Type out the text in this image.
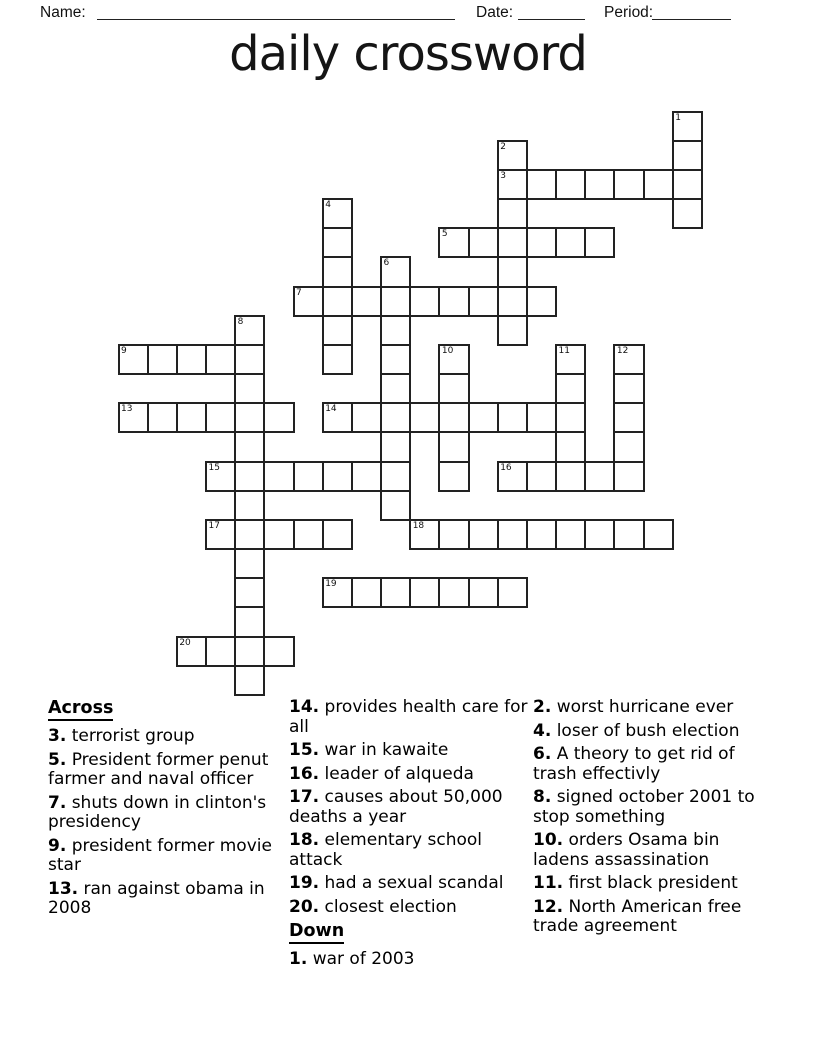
Name:	Date:	Period:
daily crossword
3
5
7
9
13	14
15	16
17	18
19
20
1
2
4
6
8
10	11	12
Across

3. terrorist group

5. President former penut farmer and naval officer

7. shuts down in clinton's presidency

9. president former movie star

13. ran against obama in 2008

14. provides health care for all

15. war in kawaite

16. leader of alqueda

17. causes about 50,000 deaths a year

18. elementary school attack

19. had a sexual scandal

20. closest election

Down

1. war of 2003

2. worst hurricane ever

4. loser of bush election

6. A theory to get rid of trash effectivly

8. signed october 2001 to stop something

10. orders Osama bin ladens assassination

11. first black president

12. North American free trade agreement
